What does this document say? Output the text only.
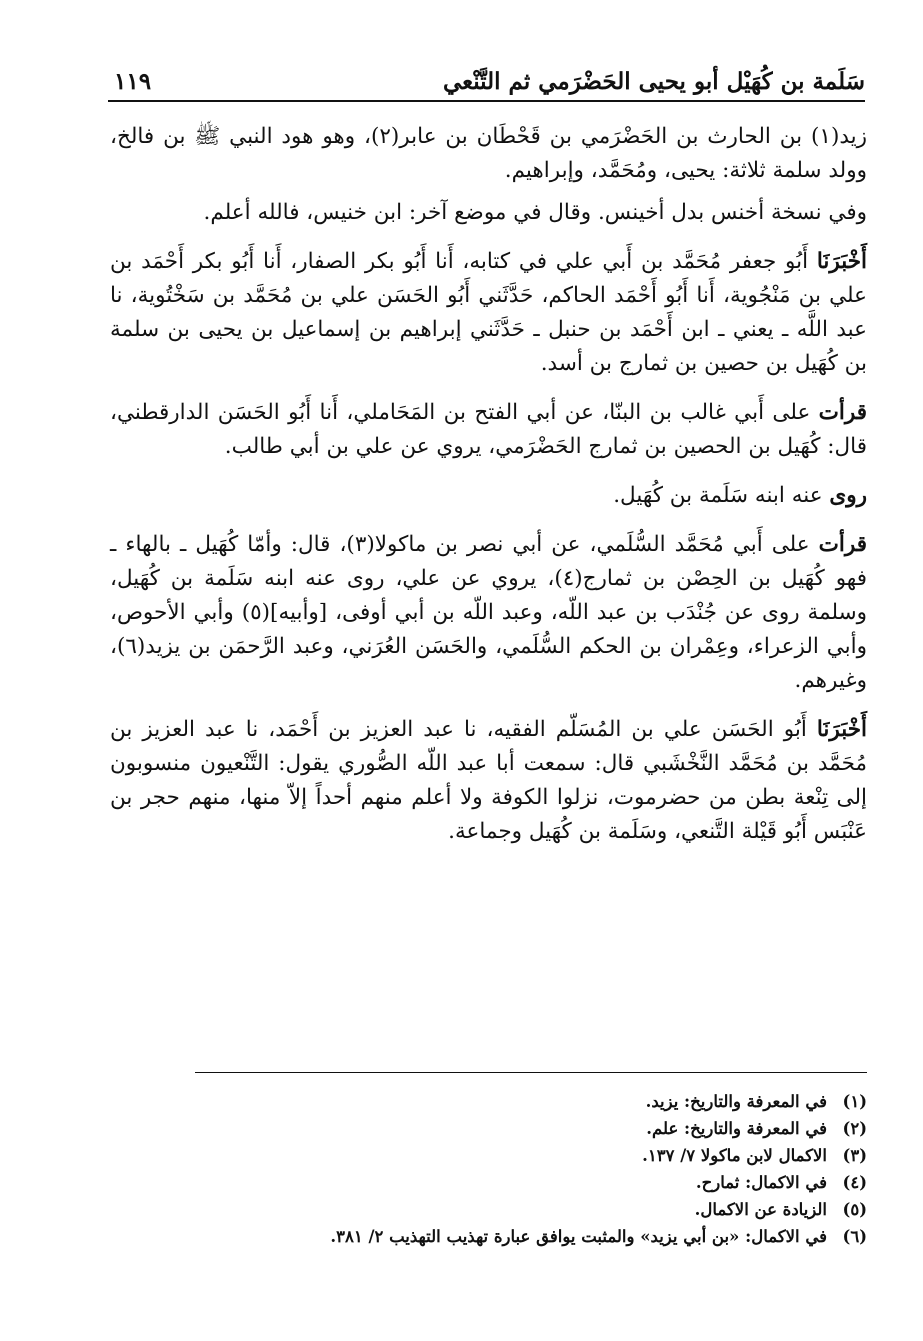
سَلَمة بن كُهَيْل أبو يحيى الحَضْرَمي ثم التَّنْعي
١١٩

زيد(١) بن الحارث بن الحَضْرَمي بن قَحْطَان بن عابر(٢)، وهو هود النبي ﷺ بن فالخ، وولد سلمة ثلاثة: يحيى، ومُحَمَّد، وإبراهيم.

وفي نسخة أخنس بدل أخينس. وقال في موضع آخر: ابن خنيس، فالله أعلم.

أَخْبَرَنَا أَبُو جعفر مُحَمَّد بن أَبي علي في كتابه، أَنا أَبُو بكر الصفار، أَنا أَبُو بكر أَحْمَد بن علي بن مَنْجُوية، أَنا أَبُو أَحْمَد الحاكم، حَدَّثَني أَبُو الحَسَن علي بن مُحَمَّد بن سَخْتُوية، نا عبد اللَّه ـ يعني ـ ابن أَحْمَد بن حنبل ـ حَدَّثَني إبراهيم بن إسماعيل بن يحيى بن سلمة بن كُهَيل بن حصين بن ثمارج بن أسد.

قرأت على أَبي غالب بن البنّا، عن أبي الفتح بن المَحَاملي، أَنا أَبُو الحَسَن الدارقطني، قال: كُهَيل بن الحصين بن ثمارج الحَضْرَمي، يروي عن علي بن أبي طالب.

روى عنه ابنه سَلَمة بن كُهَيل.

قرأت على أَبي مُحَمَّد السُّلَمي، عن أبي نصر بن ماكولا(٣)، قال: وأمّا كُهَيل ـ بالهاء ـ فهو كُهَيل بن الحِصْن بن ثمارج(٤)، يروي عن علي، روى عنه ابنه سَلَمة بن كُهَيل، وسلمة روى عن جُنْدَب بن عبد اللّه، وعبد اللّه بن أبي أوفى، [وأبيه](٥) وأبي الأحوص، وأبي الزعراء، وعِمْران بن الحكم السُّلَمي، والحَسَن العُرَني، وعبد الرَّحمَن بن يزيد(٦)، وغيرهم.

أَخْبَرَنَا أَبُو الحَسَن علي بن المُسَلّم الفقيه، نا عبد العزيز بن أَحْمَد، نا عبد العزيز بن مُحَمَّد بن مُحَمَّد النَّخْشَبي قال: سمعت أبا عبد اللّه الصُّوري يقول: التَّنْعيون منسوبون إلى تِنْعة بطن من حضرموت، نزلوا الكوفة ولا أعلم منهم أحداً إلاّ منها، منهم حجر بن عَنْبَس أَبُو قَيْلة التَّنعي، وسَلَمة بن كُهَيل وجماعة.

(١)
في المعرفة والتاريخ: يزيد.
(٢)
في المعرفة والتاريخ: علم.
(٣)
الاكمال لابن ماكولا ٧/ ١٣٧.
(٤)
في الاكمال: ثمارح.
(٥)
الزيادة عن الاكمال.
(٦)
في الاكمال: «بن أبي يزيد» والمثبت يوافق عبارة تهذيب التهذيب ٢/ ٣٨١.
